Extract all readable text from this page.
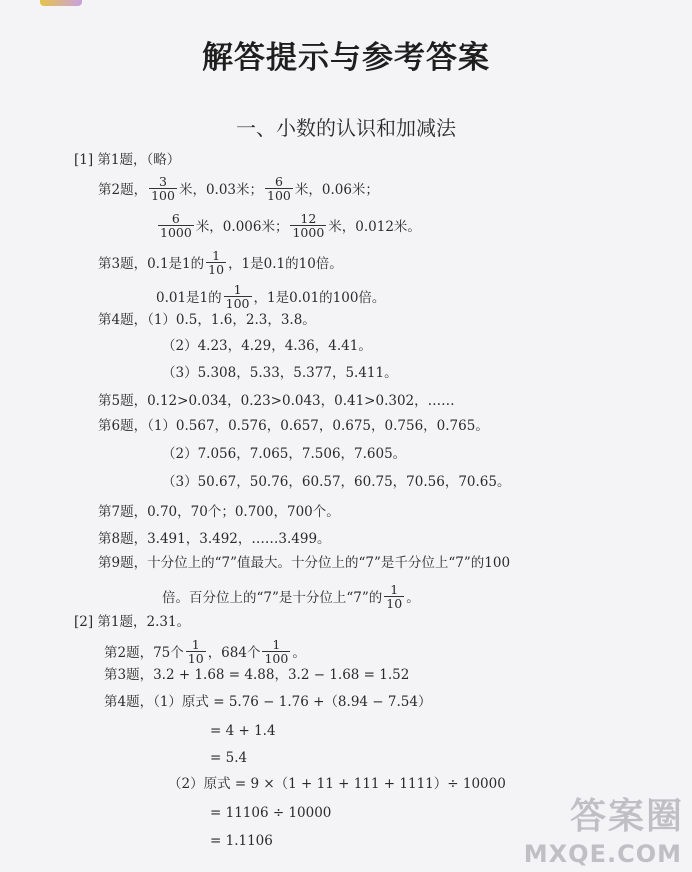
解答提示与参考答案
一、小数的认识和加减法
[1] 第1题，（略）
第2题， $\frac{3}{100}$ 米，0.03米； $\frac{6}{100}$ 米，0.06米；
$\frac{6}{1000}$ 米，0.006米； $\frac{12}{1000}$ 米，0.012米。
第3题，0.1是1的 $\frac{1}{10}$ ，1是0.1的10倍。
0.01是1的 $\frac{1}{100}$ ，1是0.01的100倍。
第4题，（1）0.5，1.6，2.3，3.8。
（2）4.23，4.29，4.36，4.41。
（3）5.308，5.33，5.377，5.411。
第5题，0.12>0.034，0.23>0.043，0.41>0.302，……
第6题，（1）0.567，0.576，0.657，0.675，0.756，0.765。
（2）7.056，7.065，7.506，7.605。
（3）50.67，50.76，60.57，60.75，70.56，70.65。
第7题，0.70，70个；0.700，700个。
第8题，3.491，3.492，……3.499。
第9题，十分位上的“7”值最大。十分位上的“7”是千分位上“7”的100
倍。百分位上的“7”是十分位上“7”的 $\frac{1}{10}$ 。
[2] 第1题，2.31。
第2题，75个 $\frac{1}{10}$ ，684个 $\frac{1}{100}$ 。
第3题，3.2 + 1.68 = 4.88，3.2 − 1.68 = 1.52
第4题，（1）原式 = 5.76 − 1.76 +（8.94 − 7.54）
= 4 + 1.4
= 5.4
（2）原式 = 9 ×（1 + 11 + 111 + 1111）÷ 10000
= 11106 ÷ 10000
= 1.1106
答案圈
MXQE.COM
